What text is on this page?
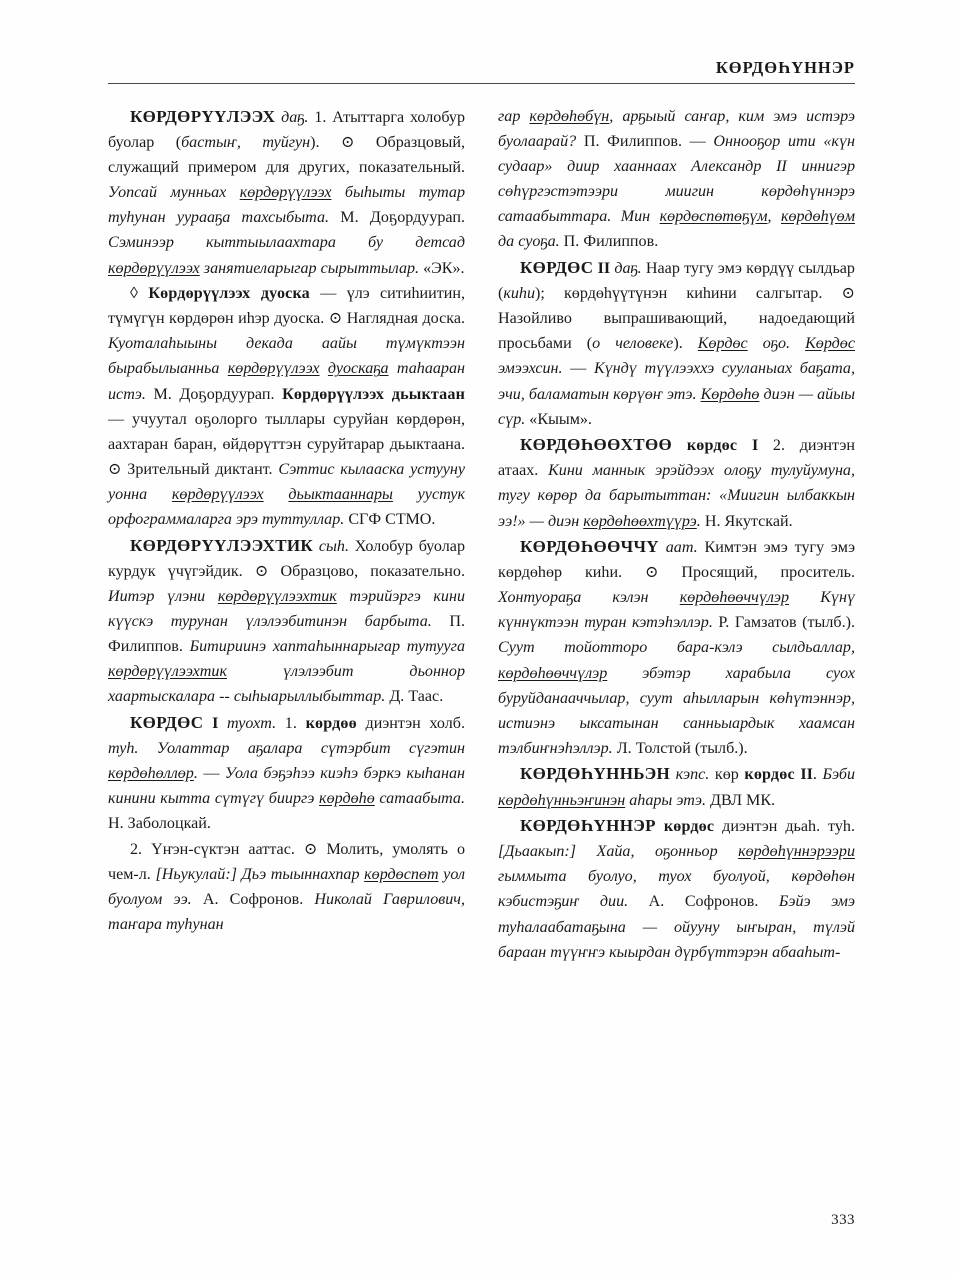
КӨРДӨҺҮННЭР

КӨРДӨРҮҮЛЭЭХ даҕ. 1. Атыттарга холобур буолар (бастыҥ, туйгун). ⊙ Образцовый, служащий примером для других, показательный. Уопсай мунньах көрдөрүүлээх быһыты тутар туһунан уурааҕа тахсыбыта. М. Доҕордуурап. Сэминээр кыттыылаахтара бу детсад көрдөрүүлээх занятиеларыгар сырыттылар. «ЭК».

◊ Көрдөрүүлээх дуоска — үлэ ситиһиитин, түмүгүн көрдөрөн иһэр дуоска. ⊙ Наглядная доска. Куоталаһыыны декада аайы түмүктээн бырабылыанньа көрдөрүүлээх дуоскаҕа таһааран истэ. М. Доҕордуурап. Көрдөрүүлээх дьыктаан — учуутал оҕолорго тыллары суруйан көрдөрөн, аахтаран баран, өйдөрүттэн суруйтарар дьыктаана. ⊙ Зрительный диктант. Сэттис кылааска устууну уонна көрдөрүүлээх дьыктааннары уустук орфограммаларга эрэ туттуллар. СГФ СТМО.

КӨРДӨРҮҮЛЭЭХТИК сыһ. Холобур буолар курдук үчүгэйдик. ⊙ Образцово, показательно. Иитэр үлэни көрдөрүүлээхтик тэрийэргэ кини күүскэ турунан үлэлээбитинэн барбыта. П. Филиппов. Битириинэ хаптаһыннарыгар тутууга көрдөрүүлээхтик үлэлээбит дьоннор хаартыскалара -- сыһыарыллыбыттар. Д. Таас.

КӨРДӨС I туохт. 1. көрдөө диэнтэн холб. туһ. Уолаттар аҕалара сүтэрбит сүгэтин көрдөһөллөр. — Уола бэҕэһээ киэһэ бэркэ кыһанан кинини кытта сүтүгү бииргэ көрдөһө сатаабыта. Н. Заболоцкай.

2. Үҥэн-сүктэн ааттас. ⊙ Молить, умолять о чем-л. [Ньукулай:] Дьэ тыыннахпар көрдөспөт уол буолуом ээ. А. Софронов. Николай Гаврилович, таҥара туһунан

гар көрдөһөбүн, арҕыый саҥар, ким эмэ истэрэ буолаарай? П. Филиппов. — Оннооҕор ити «күн судаар» диир хааннаах Александр II иннигэр сөһүргэстэтээри миигин көрдөһүннэрэ сатаабыттара. Мин көрдөспөтөҕүм, көрдөһүөм да суоҕа. П. Филиппов.

КӨРДӨС II даҕ. Наар тугу эмэ көрдүү сылдьар (киһи); көрдөһүүтүнэн киһини салгытар. ⊙ Назойливо выпрашивающий, надоедающий просьбами (о человеке). Көрдөс оҕо. Көрдөс эмээхсин. — Күндү түүлээххэ сууланыах баҕата, эчи, баламатын көрүөҥ этэ. Көрдөһө диэн — айыы сүр. «Кыым».

КӨРДӨҺӨӨХТӨӨ көрдөс I 2. диэнтэн атаах. Кини маннык эрэйдээх олоҕу тулуйумуна, тугу көрөр да барытыттан: «Миигин ылбаккын ээ!» — диэн көрдөһөөхтүүрэ. Н. Якутскай.

КӨРДӨҺӨӨЧЧҮ аат. Кимтэн эмэ тугу эмэ көрдөһөр киһи. ⊙ Просящий, проситель. Хонтуораҕа кэлэн көрдөһөөччүлэр Күнү күннүктээн туран кэтэһэллэр. Р. Гамзатов (тылб.). Суут тойотторо бара-кэлэ сылдьаллар, көрдөһөөччүлэр эбэтэр харабыла суох буруйданааччылар, суут аһылларын көһүтэннэр, истиэнэ ыксатынан санньыардык хаамсан тэлбиҥнэһэллэр. Л. Толстой (тылб.).

КӨРДӨҺҮННЬЭН кэпс. көр көрдөс II. Бэби көрдөһүнньэҥинэн аһары этэ. ДВЛ МК.

КӨРДӨҺҮННЭР көрдөс диэнтэн дьаһ. туһ. [Дьаакып:] Хайа, оҕонньор көрдөһүннэрээри гыммыта буолуо, туох буолуой, көрдөһөн кэбистэҕиҥ дии. А. Софронов. Бэйэ эмэ туһалаабатаҕына — ойууну ыҥыран, түлэй бараан түүҥҥэ кыырдан дүрбүттэрэн абааһыт-

333
